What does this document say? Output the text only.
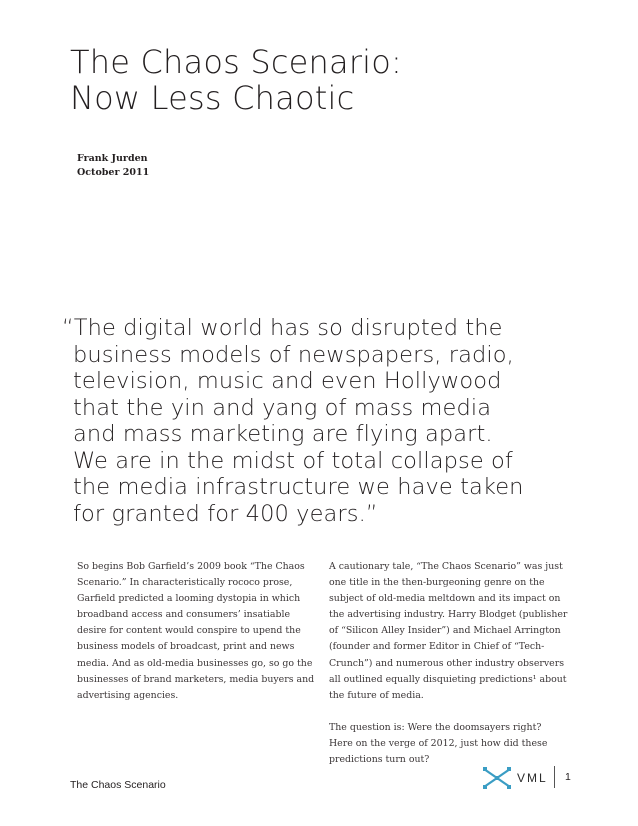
The Chaos Scenario:
Now Less Chaotic
Frank Jurden
October 2011
“The digital world has so disrupted the
business models of newspapers, radio,
television, music and even Hollywood
that the yin and yang of mass media
and mass marketing are flying apart.
We are in the midst of total collapse of
the media infrastructure we have taken
for granted for 400 years.”
So begins Bob Garfield’s 2009 book “The Chaos
Scenario.” In characteristically rococo prose,
Garfield predicted a looming dystopia in which
broadband access and consumers’ insatiable
desire for content would conspire to upend the
business models of broadcast, print and news
media. And as old-media businesses go, so go the
businesses of brand marketers, media buyers and
advertising agencies.
A cautionary tale, “The Chaos Scenario” was just
one title in the then-burgeoning genre on the
subject of old-media meltdown and its impact on
the advertising industry. Harry Blodget (publisher
of “Silicon Alley Insider”) and Michael Arrington
(founder and former Editor in Chief of “Tech-
Crunch”) and numerous other industry observers
all outlined equally disquieting predictions¹ about
the future of media.
The question is: Were the doomsayers right?
Here on the verge of 2012, just how did these
predictions turn out?
The Chaos Scenario	VML 1
